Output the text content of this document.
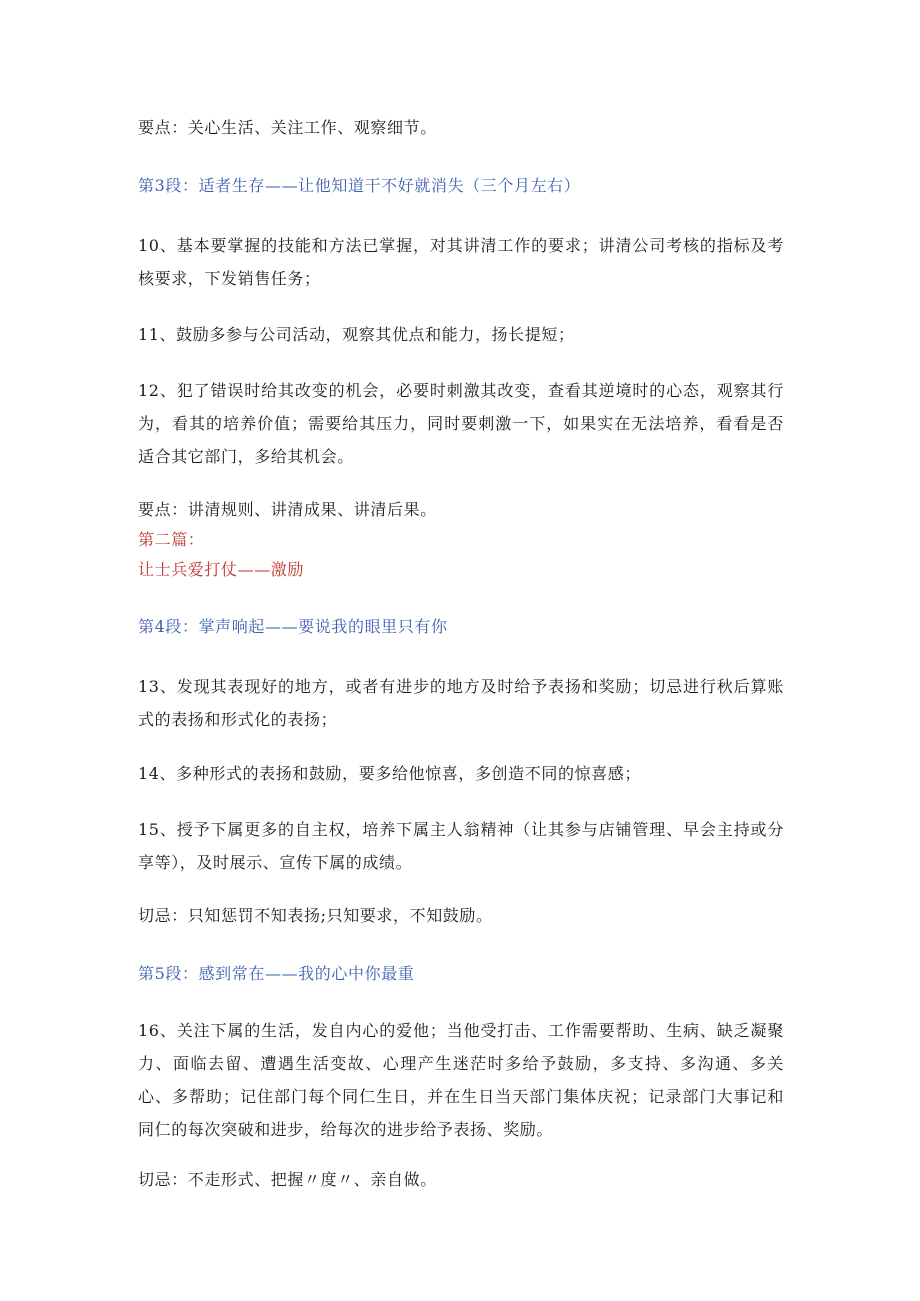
要点：关心生活、关注工作、观察细节。
第3段：适者生存——让他知道干不好就消失（三个月左右）
10、基本要掌握的技能和方法已掌握，对其讲清工作的要求；讲清公司考核的指标及考核要求，下发销售任务；
11、鼓励多参与公司活动，观察其优点和能力，扬长提短；
12、犯了错误时给其改变的机会，必要时刺激其改变，查看其逆境时的心态，观察其行为，看其的培养价值；需要给其压力，同时要刺激一下，如果实在无法培养，看看是否适合其它部门，多给其机会。
要点：讲清规则、讲清成果、讲清后果。
第二篇：
让士兵爱打仗——激励
第4段：掌声响起——要说我的眼里只有你
13、发现其表现好的地方，或者有进步的地方及时给予表扬和奖励；切忌进行秋后算账式的表扬和形式化的表扬；
14、多种形式的表扬和鼓励，要多给他惊喜，多创造不同的惊喜感；
15、授予下属更多的自主权，培养下属主人翁精神（让其参与店铺管理、早会主持或分享等），及时展示、宣传下属的成绩。
切忌：只知惩罚不知表扬;只知要求，不知鼓励。
第5段：感到常在——我的心中你最重
16、关注下属的生活，发自内心的爱他；当他受打击、工作需要帮助、生病、缺乏凝聚力、面临去留、遭遇生活变故、心理产生迷茫时多给予鼓励，多支持、多沟通、多关心、多帮助；记住部门每个同仁生日，并在生日当天部门集体庆祝；记录部门大事记和同仁的每次突破和进步，给每次的进步给予表扬、奖励。
切忌：不走形式、把握〃度〃、亲自做。
